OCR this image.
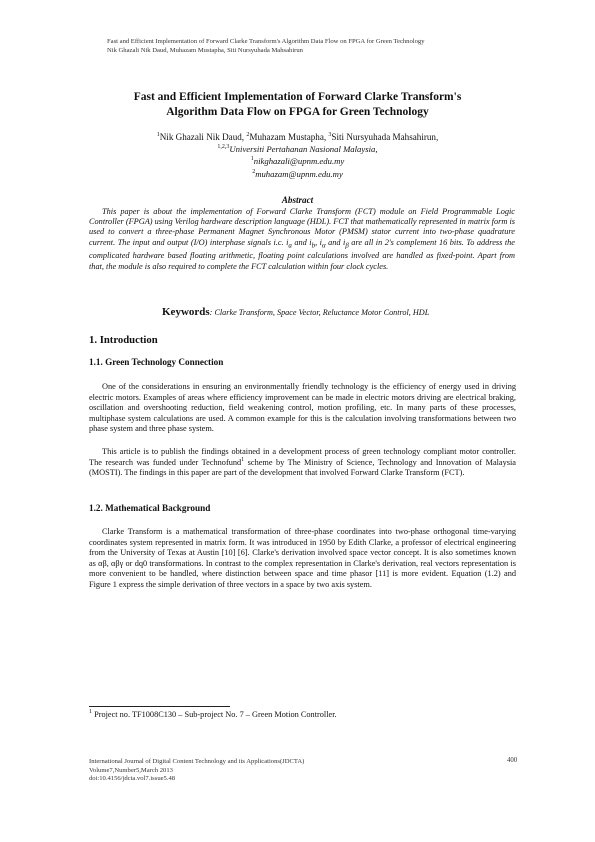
Fast and Efficient Implementation of Forward Clarke Transform's Algorithm Data Flow on FPGA for Green Technology
Nik Ghazali Nik Daud, Muhazam Mustapha, Siti Nursyuhada Mahsahirun
Fast and Efficient Implementation of Forward Clarke Transform's
Algorithm Data Flow on FPGA for Green Technology
$^1$Nik Ghazali Nik Daud, $^2$Muhazam Mustapha, $^3$Siti Nursyuhada Mahsahirun,
$^{1,2,3}$Universiti Pertahanan Nasional Malaysia,
$^1$nikghazali@upnm.edu.my
$^2$muhazam@upnm.edu.my
Abstract

This paper is about the implementation of Forward Clarke Transform (FCT) module on Field Programmable Logic Controller (FPGA) using Verilog hardware description language (HDL). FCT that mathematically represented in matrix form is used to convert a three-phase Permanent Magnet Synchronous Motor (PMSM) stator current into two-phase quadrature current. The input and output (I/O) interphase signals i.c. $i_a$ and $i_b$, $i_\alpha$ and $i_\beta$ are all in 2's complement 16 bits. To address the complicated hardware based floating arithmetic, floating point calculations involved are handled as fixed-point. Apart from that, the module is also required to complete the FCT calculation within four clock cycles.

Keywords: Clarke Transform, Space Vector, Reluctance Motor Control, HDL
1. Introduction
1.1. Green Technology Connection

One of the considerations in ensuring an environmentally friendly technology is the efficiency of energy used in driving electric motors. Examples of areas where efficiency improvement can be made in electric motors driving are electrical braking, oscillation and overshooting reduction, field weakening control, motion profiling, etc. In many parts of these processes, multiphase system calculations are used. A common example for this is the calculation involving transformations between two phase system and three phase system.

This article is to publish the findings obtained in a development process of green technology compliant motor controller. The research was funded under Technofund$^1$ scheme by The Ministry of Science, Technology and Innovation of Malaysia (MOSTI). The findings in this paper are part of the development that involved Forward Clarke Transform (FCT).

1.2. Mathematical Background

Clarke Transform is a mathematical transformation of three-phase coordinates into two-phase orthogonal time-varying coordinates system represented in matrix form. It was introduced in 1950 by Edith Clarke, a professor of electrical engineering from the University of Texas at Austin [10] [6]. Clarke's derivation involved space vector concept. It is also sometimes known as αβ, αβγ or dq0 transformations. In contrast to the complex representation in Clarke's derivation, real vectors representation is more convenient to be handled, where distinction between space and time phasor [11] is more evident. Equation (1.2) and Figure 1 express the simple derivation of three vectors in a space by two axis system.

$^1$ Project no. TF1008C130 – Sub-project No. 7 – Green Motion Controller.
International Journal of Digital Content Technology and its Applications(JDCTA)
Volume7,Number5,March 2013
doi:10.4156/jdcta.vol7.issue5.48
400
